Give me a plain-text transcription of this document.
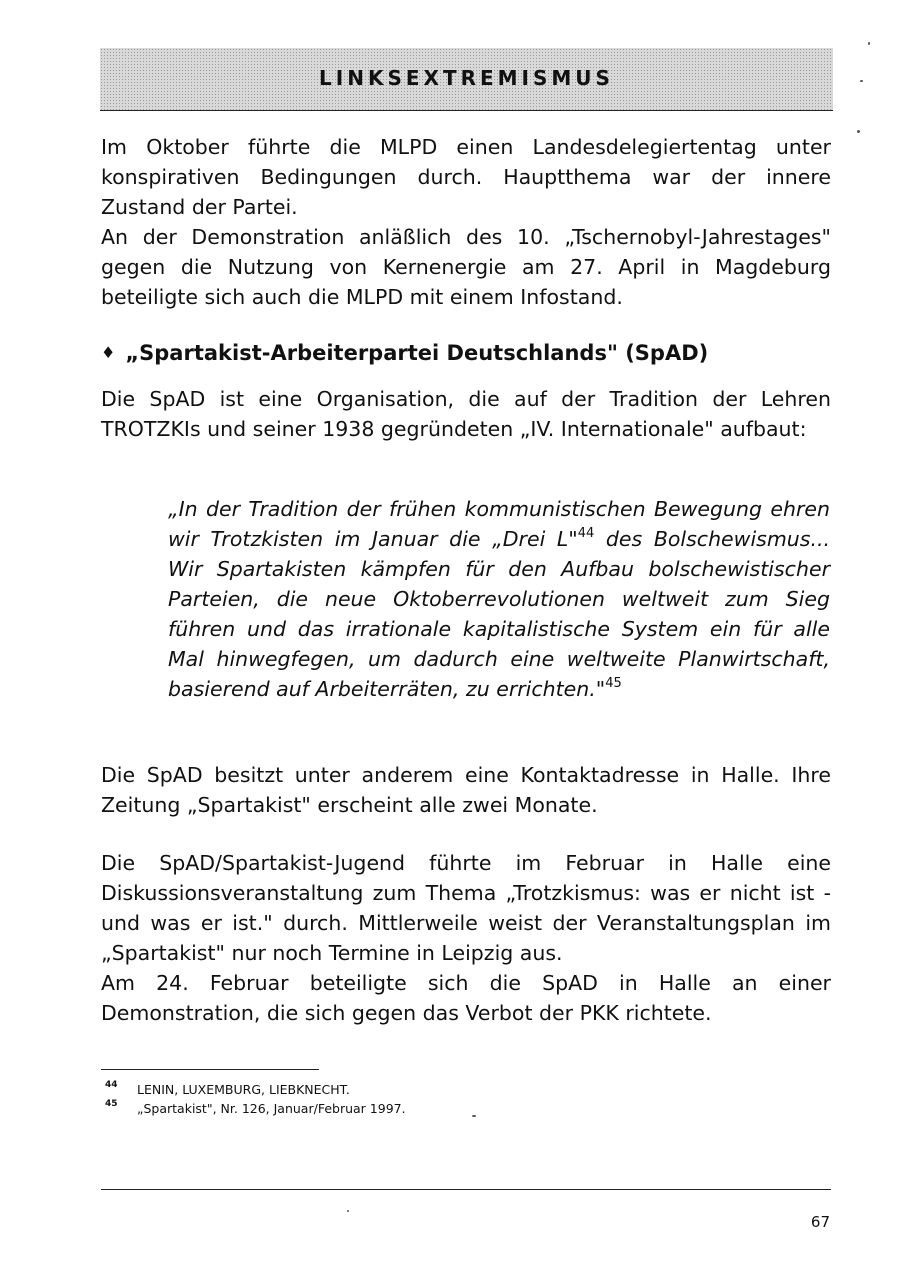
LINKSEXTREMISMUS

Im Oktober führte die MLPD einen Landesdelegiertentag unter konspirativen Bedingungen durch. Hauptthema war der innere Zustand der Partei.

An der Demonstration anläßlich des 10. „Tschernobyl-Jahrestages" gegen die Nutzung von Kernenergie am 27. April in Magdeburg beteiligte sich auch die MLPD mit einem Infostand.

♦ „Spartakist-Arbeiterpartei Deutschlands" (SpAD)

Die SpAD ist eine Organisation, die auf der Tradition der Lehren TROTZKIs und seiner 1938 gegründeten „IV. Internationale" aufbaut:

„In der Tradition der frühen kommunistischen Bewegung ehren wir Trotzkisten im Januar die „Drei L"$^{44}$ des Bolschewismus... Wir Spartakisten kämpfen für den Aufbau bolschewistischer Parteien, die neue Oktoberrevolutionen weltweit zum Sieg führen und das irrationale kapitalistische System ein für alle Mal hinwegfegen, um dadurch eine weltweite Planwirtschaft, basierend auf Arbeiterräten, zu errichten."$^{45}$

Die SpAD besitzt unter anderem eine Kontaktadresse in Halle. Ihre Zeitung „Spartakist" erscheint alle zwei Monate.

Die SpAD/Spartakist-Jugend führte im Februar in Halle eine Diskussionsveranstaltung zum Thema „Trotzkismus: was er nicht ist - und was er ist." durch. Mittlerweile weist der Veranstaltungsplan im „Spartakist" nur noch Termine in Leipzig aus.

Am 24. Februar beteiligte sich die SpAD in Halle an einer Demonstration, die sich gegen das Verbot der PKK richtete.

44 LENIN, LUXEMBURG, LIEBKNECHT.
45 „Spartakist", Nr. 126, Januar/Februar 1997.
67
